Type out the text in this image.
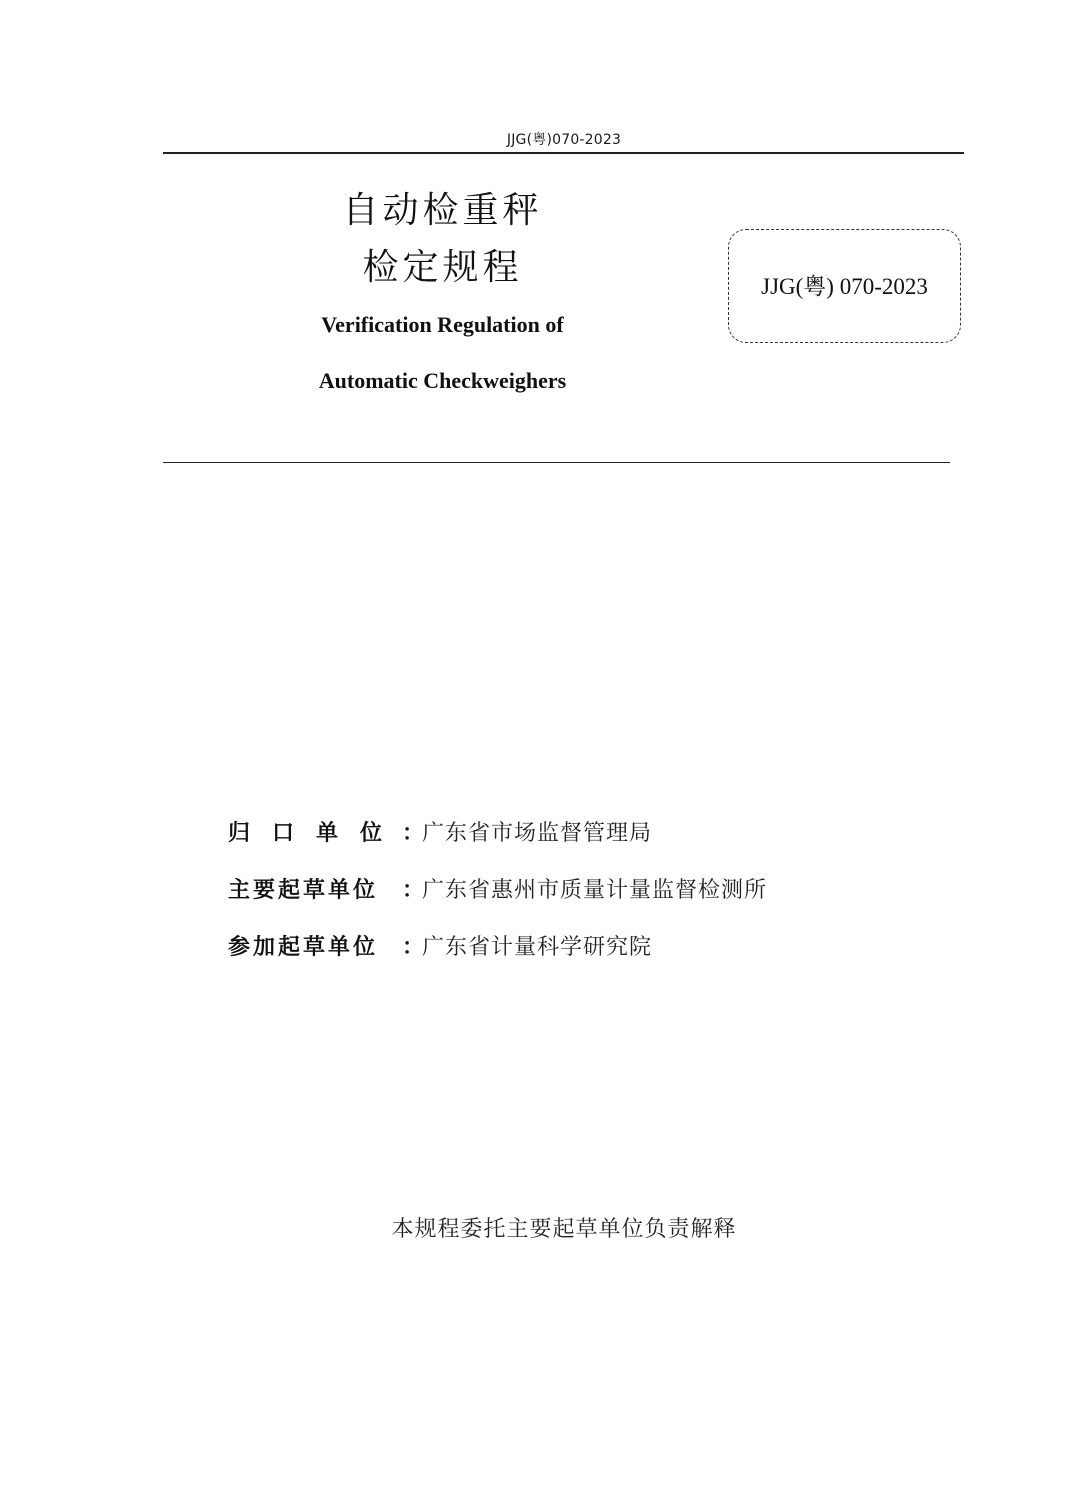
JJG(粤)070-2023
自动检重秤
检定规程
Verification Regulation of
Automatic Checkweighers
JJG(粤) 070-2023
归　口　单　位 ：广东省市场监督管理局
主要起草单位 ：广东省惠州市质量计量监督检测所
参加起草单位 ：广东省计量科学研究院
本规程委托主要起草单位负责解释
